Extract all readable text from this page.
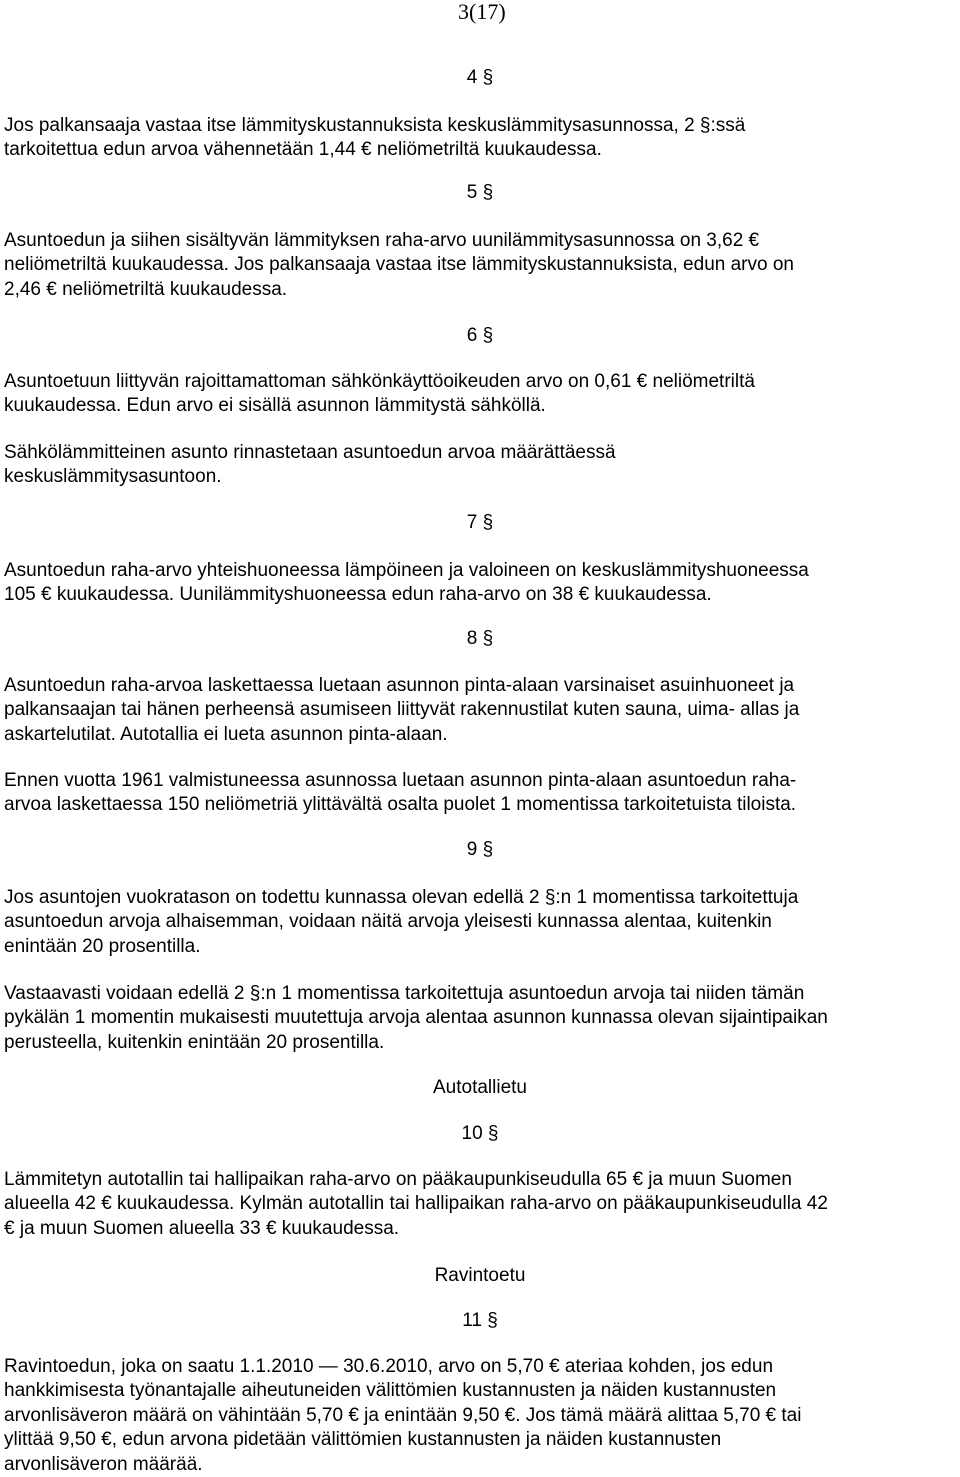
3(17)
4 §

Jos palkansaaja vastaa itse lämmityskustannuksista keskuslämmitysasunnossa, 2 §:ssä
tarkoitettua edun arvoa vähennetään 1,44 € neliömetriltä kuukaudessa.

5 §

Asuntoedun ja siihen sisältyvän lämmityksen raha-arvo uunilämmitysasunnossa on 3,62 €
neliömetriltä kuukaudessa. Jos palkansaaja vastaa itse lämmityskustannuksista, edun arvo on
2,46 € neliömetriltä kuukaudessa.

6 §

Asuntoetuun liittyvän rajoittamattoman sähkönkäyttöoikeuden arvo on 0,61 € neliömetriltä
kuukaudessa. Edun arvo ei sisällä asunnon lämmitystä sähköllä.

Sähkölämmitteinen asunto rinnastetaan asuntoedun arvoa määrättäessä
keskuslämmitysasuntoon.

7 §

Asuntoedun raha-arvo yhteishuoneessa lämpöineen ja valoineen on keskuslämmityshuoneessa
105 € kuukaudessa. Uunilämmityshuoneessa edun raha-arvo on 38 € kuukaudessa.

8 §

Asuntoedun raha-arvoa laskettaessa luetaan asunnon pinta-alaan varsinaiset asuinhuoneet ja
palkansaajan tai hänen perheensä asumiseen liittyvät rakennustilat kuten sauna, uima- allas ja
askartelutilat. Autotallia ei lueta asunnon pinta-alaan.

Ennen vuotta 1961 valmistuneessa asunnossa luetaan asunnon pinta-alaan asuntoedun raha-
arvoa laskettaessa 150 neliömetriä ylittävältä osalta puolet 1 momentissa tarkoitetuista tiloista.

9 §

Jos asuntojen vuokratason on todettu kunnassa olevan edellä 2 §:n 1 momentissa tarkoitettuja
asuntoedun arvoja alhaisemman, voidaan näitä arvoja yleisesti kunnassa alentaa, kuitenkin
enintään 20 prosentilla.

Vastaavasti voidaan edellä 2 §:n 1 momentissa tarkoitettuja asuntoedun arvoja tai niiden tämän
pykälän 1 momentin mukaisesti muutettuja arvoja alentaa asunnon kunnassa olevan sijaintipaikan
perusteella, kuitenkin enintään 20 prosentilla.

Autotallietu
10 §

Lämmitetyn autotallin tai hallipaikan raha-arvo on pääkaupunkiseudulla 65 € ja muun Suomen
alueella 42 € kuukaudessa. Kylmän autotallin tai hallipaikan raha-arvo on pääkaupunkiseudulla 42
€ ja muun Suomen alueella 33 € kuukaudessa.

Ravintoetu
11 §

Ravintoedun, joka on saatu 1.1.2010 — 30.6.2010, arvo on 5,70 € ateriaa kohden, jos edun
hankkimisesta työnantajalle aiheutuneiden välittömien kustannusten ja näiden kustannusten
arvonlisäveron määrä on vähintään 5,70 € ja enintään 9,50 €. Jos tämä määrä alittaa 5,70 € tai
ylittää 9,50 €, edun arvona pidetään välittömien kustannusten ja näiden kustannusten
arvonlisäveron määrää.
